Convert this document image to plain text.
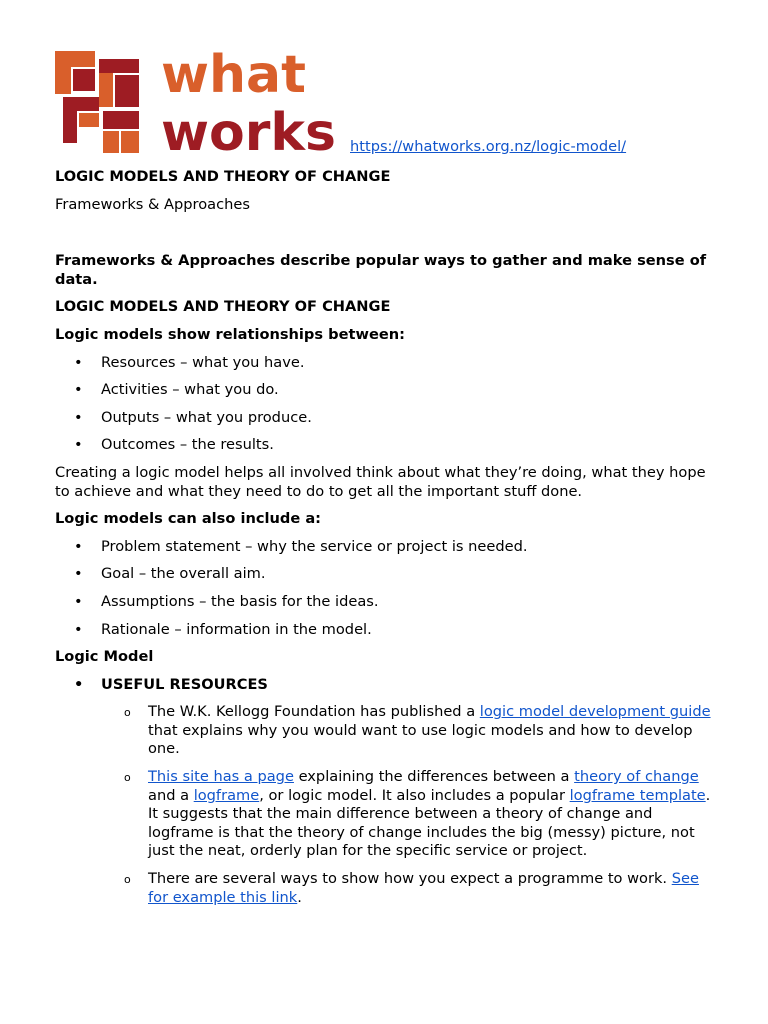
what
works https://whatworks.org.nz/logic-model/

LOGIC MODELS AND THEORY OF CHANGE

Frameworks & Approaches

Frameworks & Approaches describe popular ways to gather and make sense of data.

LOGIC MODELS AND THEORY OF CHANGE

Logic models show relationships between:

• Resources – what you have.
• Activities – what you do.
• Outputs – what you produce.
• Outcomes – the results.

Creating a logic model helps all involved think about what they’re doing, what they hope to achieve and what they need to do to get all the important stuff done.

Logic models can also include a:

• Problem statement – why the service or project is needed.
• Goal – the overall aim.
• Assumptions – the basis for the ideas.
• Rationale – information in the model.

Logic Model

• USEFUL RESOURCES
o The W.K. Kellogg Foundation has published a logic model development guide that explains why you would want to use logic models and how to develop one.
o This site has a page explaining the differences between a theory of change and a logframe, or logic model. It also includes a popular logframe template. It suggests that the main difference between a theory of change and logframe is that the theory of change includes the big (messy) picture, not just the neat, orderly plan for the specific service or project.
o There are several ways to show how you expect a programme to work. See for example this link.
